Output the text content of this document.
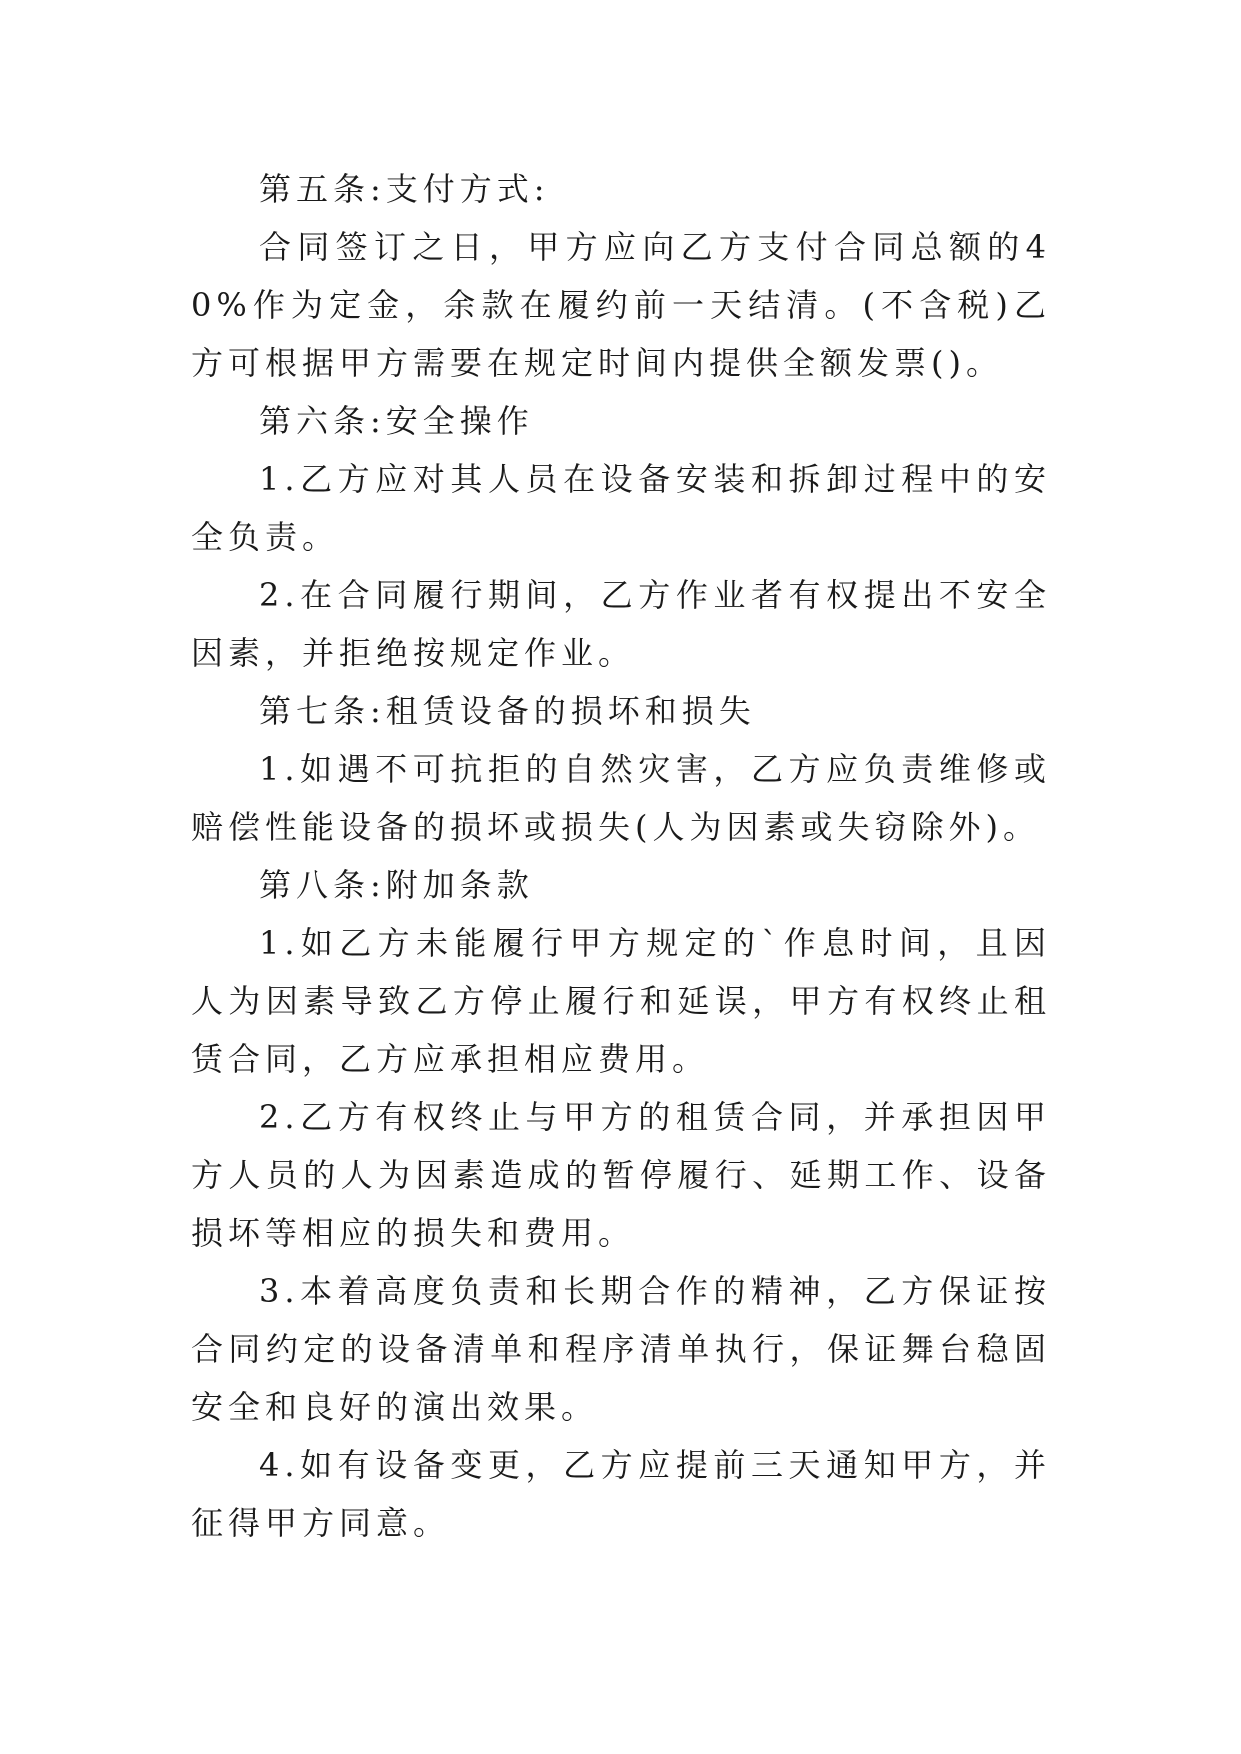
第五条:支付方式:

合同签订之日，甲方应向乙方支付合同总额的40%作为定金，余款在履约前一天结清。(不含税)乙方可根据甲方需要在规定时间内提供全额发票()。

第六条:安全操作

1.乙方应对其人员在设备安装和拆卸过程中的安全负责。

2.在合同履行期间，乙方作业者有权提出不安全因素，并拒绝按规定作业。

第七条:租赁设备的损坏和损失

1.如遇不可抗拒的自然灾害，乙方应负责维修或赔偿性能设备的损坏或损失(人为因素或失窃除外)。

第八条:附加条款

1.如乙方未能履行甲方规定的`作息时间，且因人为因素导致乙方停止履行和延误，甲方有权终止租赁合同，乙方应承担相应费用。

2.乙方有权终止与甲方的租赁合同，并承担因甲方人员的人为因素造成的暂停履行、延期工作、设备损坏等相应的损失和费用。

3.本着高度负责和长期合作的精神，乙方保证按合同约定的设备清单和程序清单执行，保证舞台稳固安全和良好的演出效果。

4.如有设备变更，乙方应提前三天通知甲方，并征得甲方同意。
